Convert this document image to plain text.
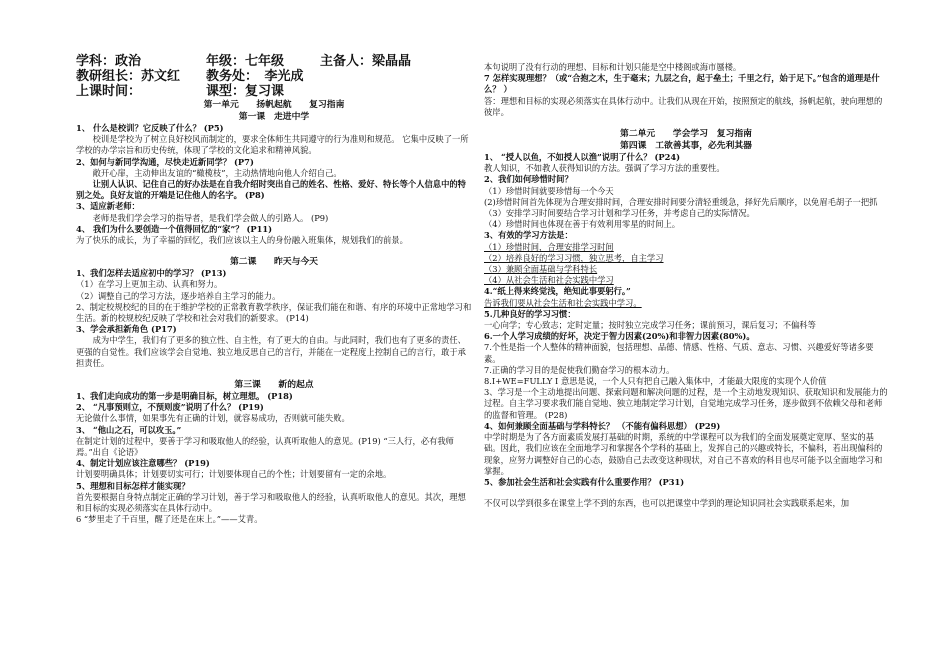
学科：政治	年级：七年级	主备人：梁晶晶
教研组长：苏文红 教务处：　李光成
上课时间：	课型：复习课

第一单元　　扬帆起航　　复习指南

第一课　走进中学

1、 什么是校训？它反映了什么？ (P5)

校训是学校为了树立良好校风而制定的，要求全体师生共同遵守的行为准则和规范。 它集中反映了一所学校的办学宗旨和历史传统，体现了学校的文化追求和精神风貌。

2、如何与新同学沟通，尽快走近新同学？ (P7)

敞开心扉，主动伸出友谊的“橄榄枝”，主动热情地向他人介绍自己。

让别人认识、记住自己的好办法是在自我介绍时突出自己的姓名、性格、爱好、特长等个人信息中的特别之处。良好友谊的开端是记住他人的名字。 (P8)

3、适应新老师：

老师是我们学会学习的指导者，是我们学会做人的引路人。 (P9)

4、 我们为什么要创造一个值得回忆的“家”？ (P11)

为了快乐的成长，为了幸福的回忆，我们应该以主人的身份融入班集体，规划我们的前景。

第二课　　昨天与今天

1、我们怎样去适应初中的学习？ (P13)

（1）在学习上更加主动、认真和努力。

（2）调整自己的学习方法，逐步培养自主学习的能力。

2、制定校规校纪的目的在于维护学校的正常教育教学秩序，保证我们能在和谐、有序的环境中正常地学习和生活。新的校规校纪反映了学校和社会对我们的新要求。 (P14)

3、学会承担新角色 (P17)

成为中学生，我们有了更多的独立性、自主性，有了更大的自由。与此同时，我们也有了更多的责任、更强的自觉性。我们应该学会自觉地、独立地反思自己的言行，并能在一定程度上控制自己的言行，敢于承担责任。

第三课　　新的起点

1、我们走向成功的第一步是明确目标，树立理想。 (P18)

2、 “凡事预则立，不预则废”说明了什么？ (P19)

无论做什么事情，如果事先有正确的计划，就容易成功，否则就可能失败。

3、 “他山之石，可以攻玉。”

在制定计划的过程中，要善于学习和吸取他人的经验，认真听取他人的意见。(P19) “三人行，必有我师焉。”出自《论语》

4、制定计划应该注意哪些？ (P19)

计划要明确具体；计划要切实可行；计划要体现自己的个性；计划要留有一定的余地。

5、理想和目标怎样才能实现？

首先要根据自身特点制定正确的学习计划，善于学习和吸取他人的经验，认真听取他人的意见。其次，理想和目标的实现必须落实在具体行动中。

6 “梦里走了千百里，醒了还是在床上。”——艾青。

本句说明了没有行动的理想、目标和计划只能是空中楼阁或海市蜃楼。

7 怎样实现理想？（或“合抱之木，生于毫末；九层之台，起于垒土；千里之行，始于足下。”包含的道理是什么？ ）

答：理想和目标的实现必须落实在具体行动中。让我们从现在开始，按照预定的航线，扬帆起航，驶向理想的彼岸。

第二单元　　学会学习　复习指南

第四课　工欲善其事，必先利其器

1、 “授人以鱼，不如授人以渔”说明了什么？ (P24)

教人知识，不如教人获得知识的方法。强调了学习方法的重要性。

2、我们如何珍惜时间？

（1）珍惜时间就要珍惜每一个今天

(2)珍惜时间首先体现为合理安排时间，合理安排时间要分清轻重缓急，择好先后顺序，以免眉毛胡子一把抓

（3）安排学习时间要结合学习计划和学习任务，并考虑自己的实际情况。

（4）珍惜时间也体现在善于有效利用零星的时间上。

3、有效的学习方法是：

（1）珍惜时间，合理安排学习时间

（2）培养良好的学习习惯，独立思考，自主学习

（3）兼顾全面基础与学科特长

（4）从社会生活和社会实践中学习

4.“纸上得来终觉浅，绝知此事要躬行。”

告诉我们要从社会生活和社会实践中学习。

5.几种良好的学习习惯：

一心向学；专心致志；定时定量；按时独立完成学习任务；课前预习，课后复习；不偏科等

6.一个人学习成绩的好坏，决定于智力因素(20%)和非智力因素(80%)。

7.个性是指一个人整体的精神面貌，包括理想、品德、情感、性格、气质、意志、习惯、兴趣爱好等诸多要素。

7.正确的学习目的是促使我们勤奋学习的根本动力。

8.I+WE=FULLY I 意思是说，一个人只有把自己融入集体中，才能最大限度的实现个人价值

3、学习是一个主动地提出问题、探索问题和解决问题的过程，是一个主动地发现知识、获取知识和发展能力的过程。自主学习要求我们能自觉地、独立地制定学习计划，自觉地完成学习任务，逐步做到不依赖父母和老师的监督和管理。 (P28)

4、如何兼顾全面基础与学科特长？ （不能有偏科思想） (P29)

中学时期是为了各方面素质发展打基础的时期，系统的中学课程可以为我们的全面发展奠定宽厚、坚实的基础。因此，我们应该在全面地学习和掌握各个学科的基础上，发挥自己的兴趣或特长，不偏科，若出现偏科的现象，应努力调整好自己的心态，鼓励自己去改变这种现状，对自己不喜欢的科目也尽可能予以全面地学习和掌握。

5、参加社会生活和社会实践有什么重要作用？ (P31)

不仅可以学到很多在课堂上学不到的东西，也可以把课堂中学到的理论知识同社会实践联系起来，加
